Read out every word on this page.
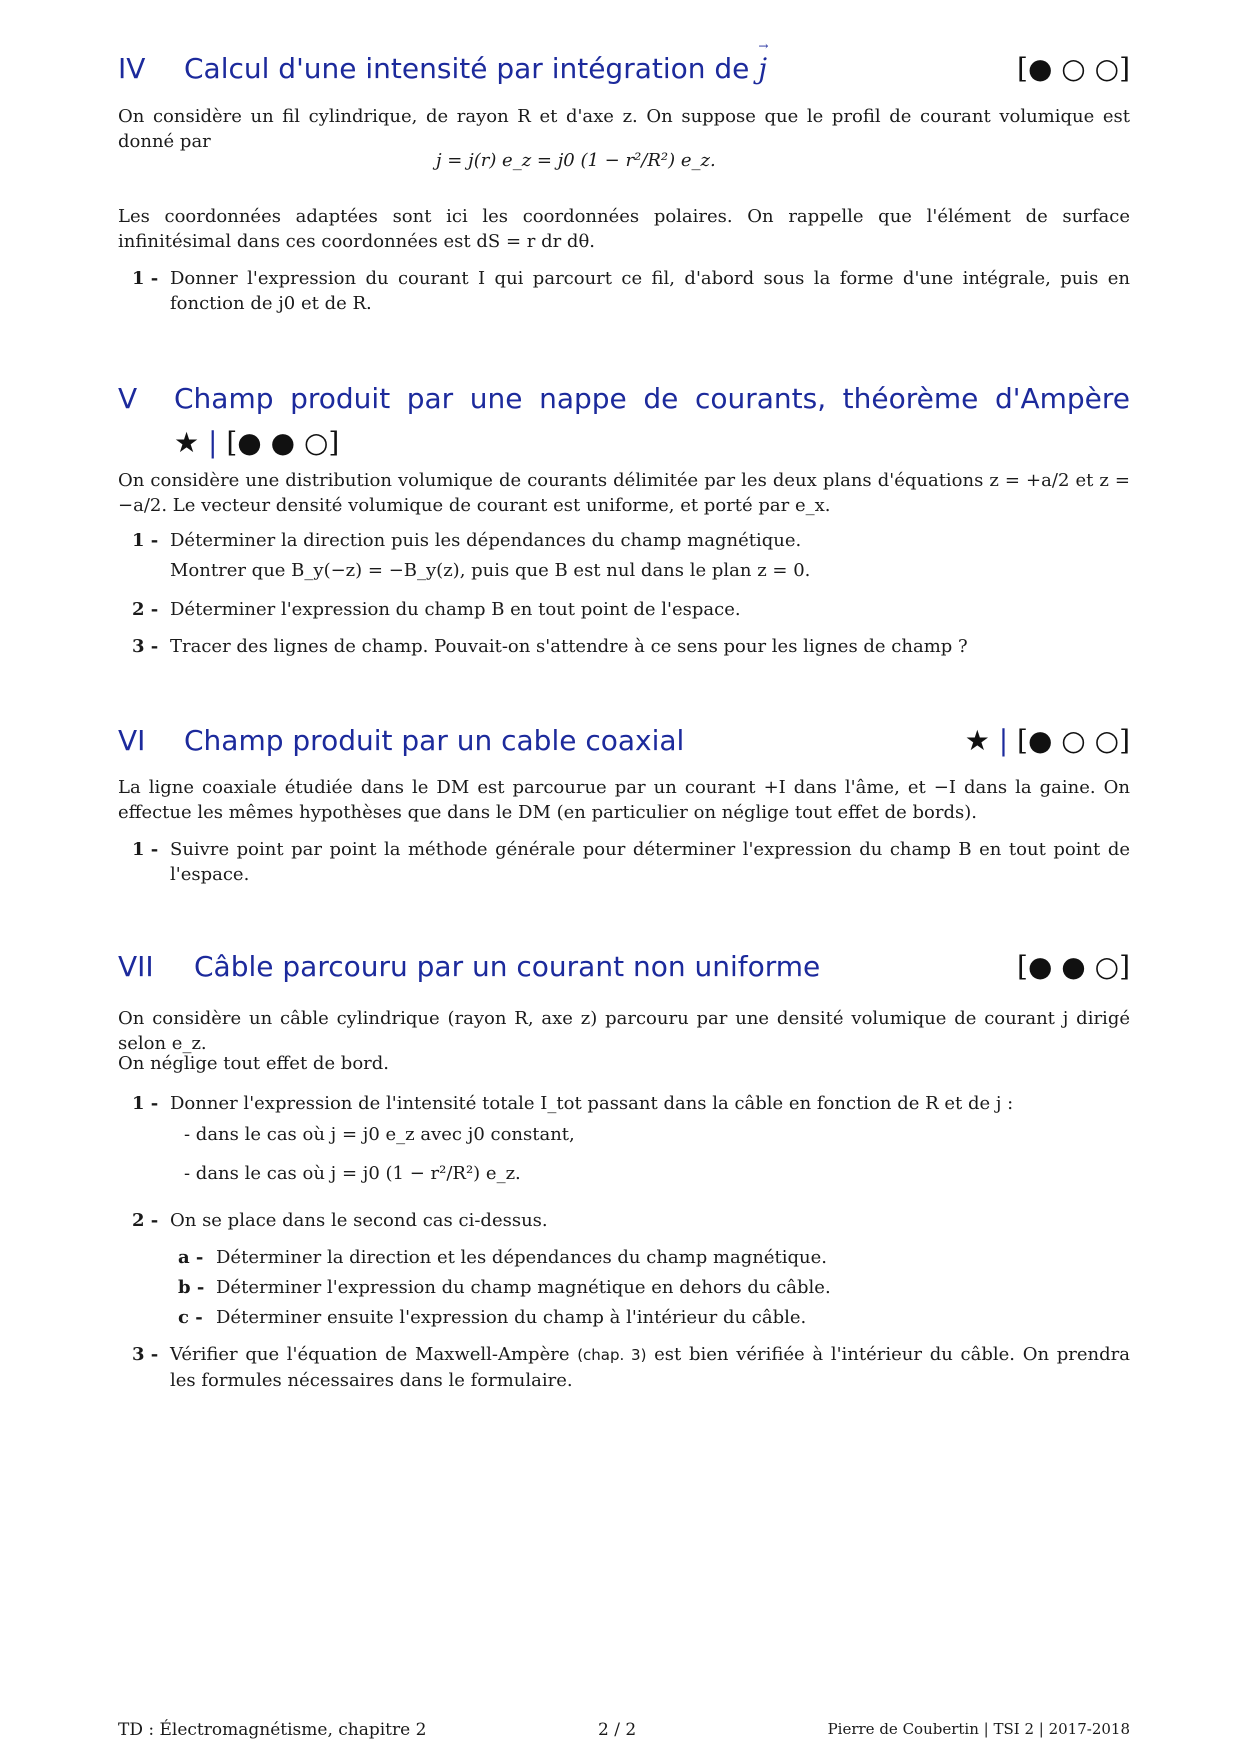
IV Calcul d'une intensité par intégration de → j	[● ○ ○]

On considère un fil cylindrique, de rayon R et d'axe z. On suppose que le profil de courant volumique est donné par

j = j(r) e_z = j0 (1 − r²/R²) e_z.

Les coordonnées adaptées sont ici les coordonnées polaires. On rappelle que l'élément de surface infinitésimal dans ces coordonnées est dS = r dr dθ.

1 - Donner l'expression du courant I qui parcourt ce fil, d'abord sous la forme d'une intégrale, puis en fonction de j0 et de R.
V Champ produit par une nappe de courants, théorème d'Ampère
★ | [● ● ○]

On considère une distribution volumique de courants délimitée par les deux plans d'équations z = +a/2 et z = −a/2. Le vecteur densité volumique de courant est uniforme, et porté par e_x.

1 - Déterminer la direction puis les dépendances du champ magnétique.
Montrer que B_y(−z) = −B_y(z), puis que B est nul dans le plan z = 0.
2 - Déterminer l'expression du champ B en tout point de l'espace.
3 - Tracer des lignes de champ. Pouvait-on s'attendre à ce sens pour les lignes de champ ?
VI Champ produit par un cable coaxial	★ | [● ○ ○]

La ligne coaxiale étudiée dans le DM est parcourue par un courant +I dans l'âme, et −I dans la gaine. On effectue les mêmes hypothèses que dans le DM (en particulier on néglige tout effet de bords).

1 - Suivre point par point la méthode générale pour déterminer l'expression du champ B en tout point de l'espace.
VII Câble parcouru par un courant non uniforme	[● ● ○]

On considère un câble cylindrique (rayon R, axe z) parcouru par une densité volumique de courant j dirigé selon e_z.

On néglige tout effet de bord.

1 - Donner l'expression de l'intensité totale I_tot passant dans la câble en fonction de R et de j :
- dans le cas où j = j0 e_z avec j0 constant,
- dans le cas où j = j0 (1 − r²/R²) e_z.
2 - On se place dans le second cas ci-dessus.
a - Déterminer la direction et les dépendances du champ magnétique.
b - Déterminer l'expression du champ magnétique en dehors du câble.
c - Déterminer ensuite l'expression du champ à l'intérieur du câble.
3 - Vérifier que l'équation de Maxwell-Ampère (chap. 3) est bien vérifiée à l'intérieur du câble. On prendra les formules nécessaires dans le formulaire.
TD : Électromagnétisme, chapitre 2	2 / 2	Pierre de Coubertin | TSI 2 | 2017-2018
